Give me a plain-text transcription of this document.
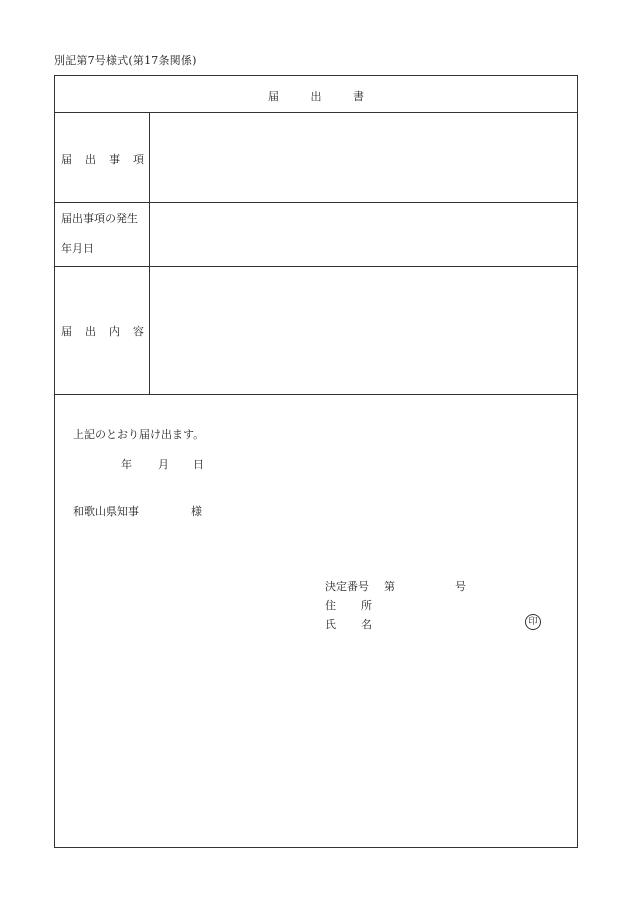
別記第7号様式(第17条関係)
届	出	書
届 出 事 項
届出事項の発生
年月日
届 出 内 容
上記のとおり届け出ます。
年 月 日
和歌山県知事	様
決定番号 第	号
住 所
氏 名	印
